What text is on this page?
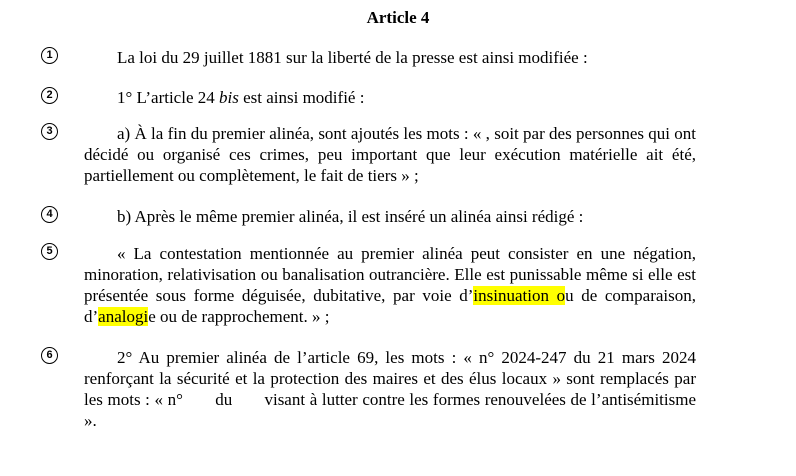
Article 4
1	La loi du 29 juillet 1881 sur la liberté de la presse est ainsi modifiée :

2	1° L’article 24 bis est ainsi modifié :

3	a) À la fin du premier alinéa, sont ajoutés les mots : « , soit par des personnes qui ont décidé ou organisé ces crimes, peu important que leur exécution matérielle ait été, partiellement ou complètement, le fait de tiers » ;

4	b) Après le même premier alinéa, il est inséré un alinéa ainsi rédigé :

5	« La contestation mentionnée au premier alinéa peut consister en une négation, minoration, relativisation ou banalisation outrancière. Elle est punissable même si elle est présentée sous forme déguisée, dubitative, par voie d’insinuation ou de comparaison, d’analogie ou de rapprochement. » ;

6	2° Au premier alinéa de l’article 69, les mots : « n° 2024-247 du 21 mars 2024 renforçant la sécurité et la protection des maires et des élus locaux » sont remplacés par les mots : « n°       du       visant à lutter contre les formes renouvelées de l’antisémitisme ».
